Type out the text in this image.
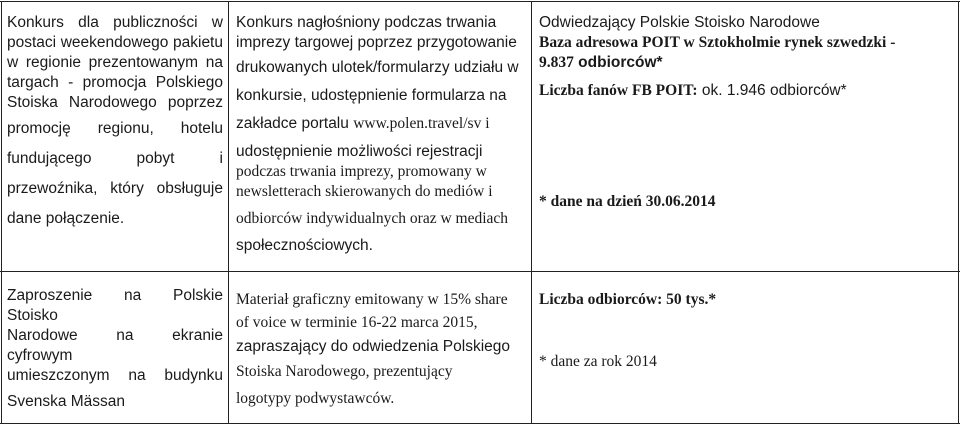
Konkurs dla publiczności w

postaci weekendowego pakietu

w regionie prezentowanym na

targach - promocja Polskiego

Stoiska Narodowego poprzez

promocję regionu, hotelu

fundującego pobyt i

przewoźnika, który obsługuje

dane połączenie.

Konkurs nagłośniony podczas trwania

imprezy targowej poprzez przygotowanie

drukowanych ulotek/formularzy udziału w

konkursie, udostępnienie formularza na

zakładce portalu www.polen.travel/sv i

udostępnienie możliwości rejestracji

podczas trwania imprezy, promowany w

newsletterach skierowanych do mediów i

odbiorców indywidualnych oraz w mediach

społecznościowych.

Odwiedzający Polskie Stoisko Narodowe

Baza adresowa POIT w Sztokholmie rynek szwedzki -

9.837 odbiorców*

Liczba fanów FB POIT: ok. 1.946 odbiorców*

* dane na dzień 30.06.2014

Zaproszenie na Polskie Stoisko

Narodowe na ekranie cyfrowym

umieszczonym na budynku

Svenska Mässan

Materiał graficzny emitowany w 15% share

of voice w terminie 16-22 marca 2015,

zapraszający do odwiedzenia Polskiego

Stoiska Narodowego, prezentujący

logotypy podwystawców.

Liczba odbiorców: 50 tys.*

* dane za rok 2014
